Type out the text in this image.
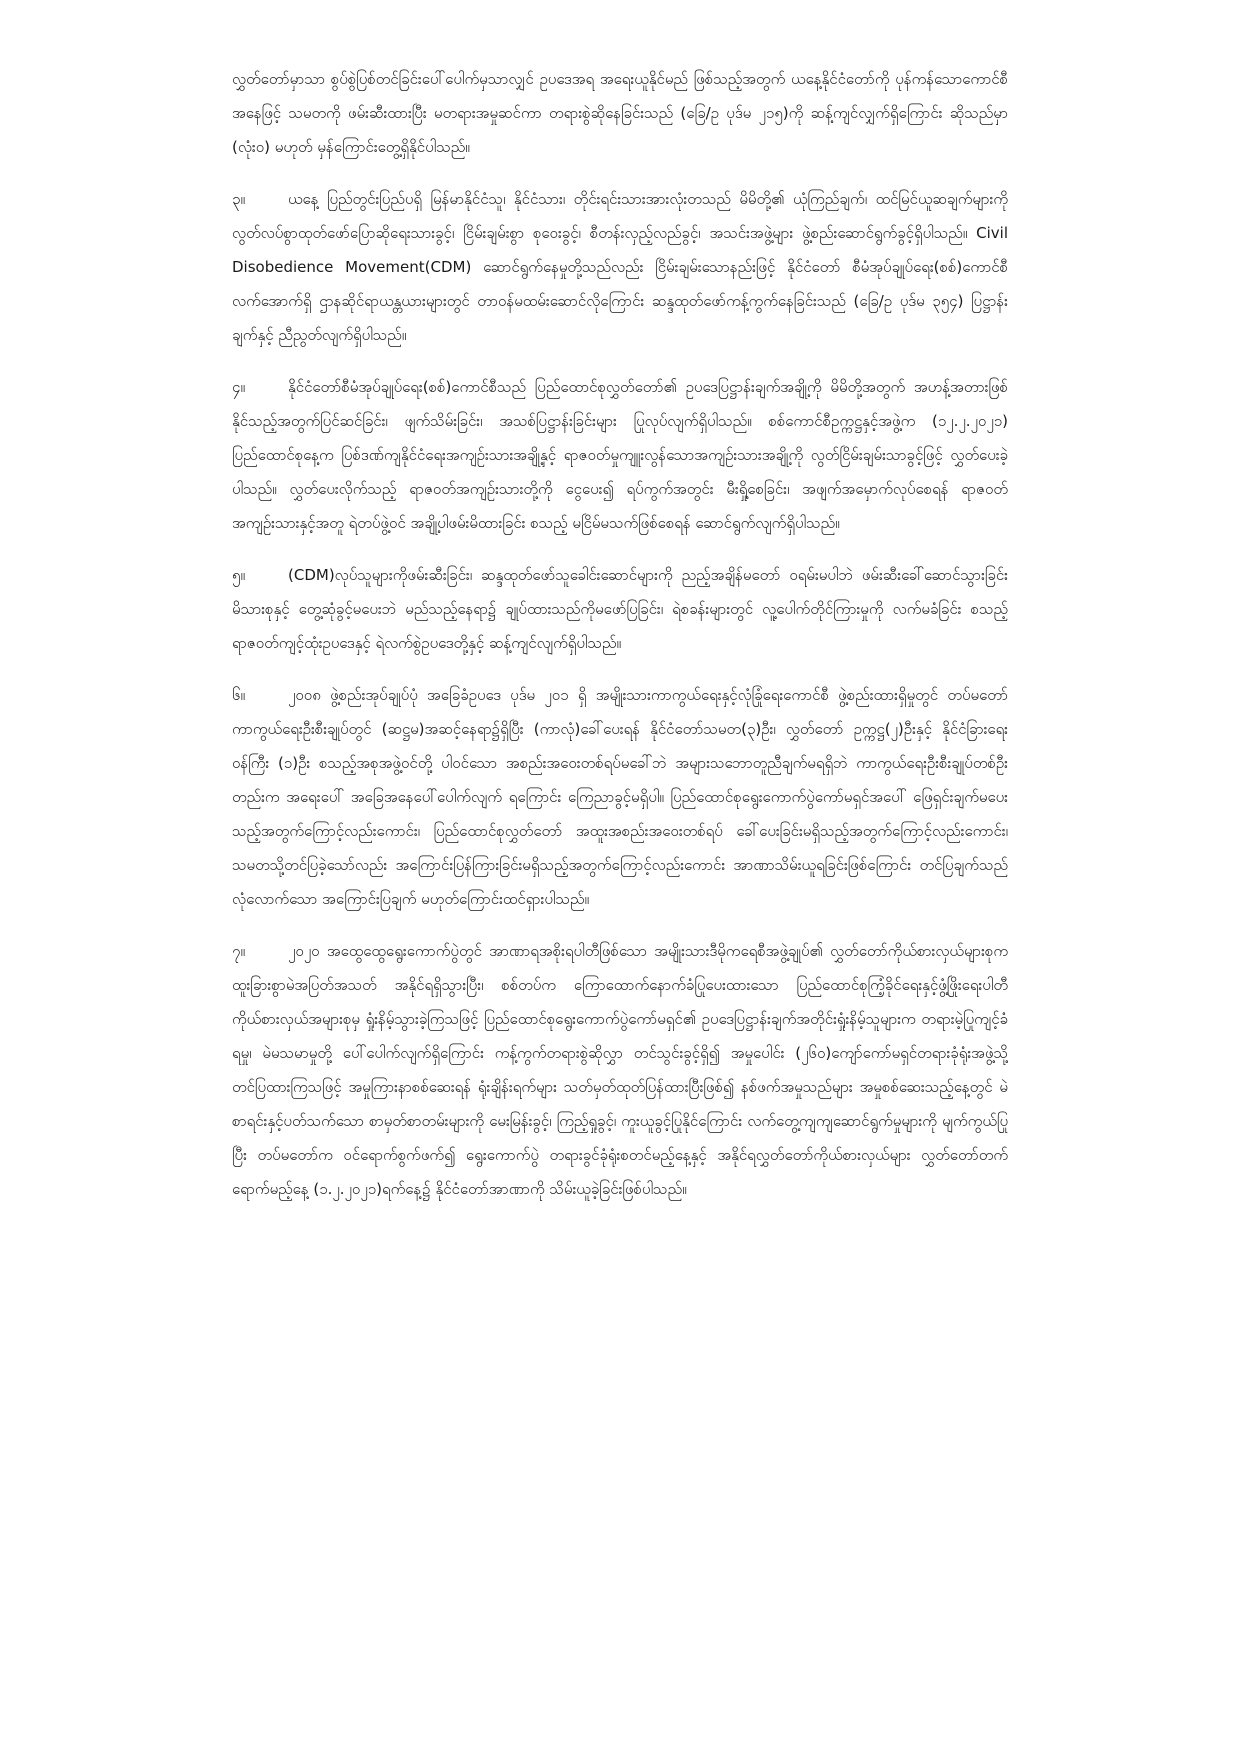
လွှတ်တော်မှာသာ စွပ်စွဲပြစ်တင်ခြင်းပေါ်ပေါက်မှသာလျှင် ဥပဒေအရ အရေးယူနိုင်မည် ဖြစ်သည့်အတွက် ယနေ့နိုင်ငံတော်ကို ပုန်ကန်သောကောင်စီအနေဖြင့် သမတကို ဖမ်းဆီးထားပြီး မတရားအမှုဆင်ကာ တရားစွဲဆိုနေခြင်းသည် (ခြေ/ဥ ပုဒ်မ ၂၁၅)ကို ဆန့်ကျင်လျှက်ရှိကြောင်း ဆိုသည်မှာ (လုံး၀) မဟုတ် မှန်ကြောင်းတွေ့ရှိနိုင်ပါသည်။

၃။	ယနေ့ ပြည်တွင်းပြည်ပရှိ မြန်မာနိုင်ငံသူ၊ နိုင်ငံသား၊ တိုင်းရင်းသားအားလုံးတသည် မိမိတို့၏ ယုံကြည်ချက်၊ ထင်မြင်ယူဆချက်များကို လွတ်လပ်စွာထုတ်ဖော်ပြောဆိုရေးသားခွင့်၊ ငြိမ်းချမ်းစွာ စုဝေးခွင့်၊ စီတန်းလှည့်လည်ခွင့်၊ အသင်းအဖွဲ့များ ဖွဲ့စည်းဆောင်ရွက်ခွင့်ရှိပါသည်။ Civil Disobedience Movement(CDM) ဆောင်ရွက်နေမှုတို့သည်လည်း ငြိမ်းချမ်းသောနည်းဖြင့် နိုင်ငံတော် စီမံအုပ်ချုပ်ရေး(စစ်)ကောင်စီ လက်အောက်ရှိ ဌာနဆိုင်ရာယန္တယားများတွင် တာဝန်မထမ်းဆောင်လိုကြောင်း ဆန္ဒထုတ်ဖော်ကန့်ကွက်နေခြင်းသည် (ခြေ/ဥ ပုဒ်မ ၃၅၄) ပြဋ္ဌာန်းချက်နှင့် ညီညွတ်လျက်ရှိပါသည်။

၄။	နိုင်ငံတော်စီမံအုပ်ချုပ်ရေး(စစ်)ကောင်စီသည် ပြည်ထောင်စုလွှတ်တော်၏ ဥပဒေပြဋ္ဌာန်းချက်အချို့ကို မိမိတို့အတွက် အဟန့်အတားဖြစ်နိုင်သည့်အတွက်ပြင်ဆင်ခြင်း၊ ဖျက်သိမ်းခြင်း၊ အသစ်ပြဋ္ဌာန်းခြင်းများ ပြုလုပ်လျက်ရှိပါသည်။ စစ်ကောင်စီဥက္ကဋ္ဌနှင့်အဖွဲ့က (၁၂.၂.၂၀၂၁) ပြည်ထောင်စုနေ့က ပြစ်ဒဏ်ကျနိုင်ငံရေးအကျဉ်းသားအချို့နှင့် ရာဇဝတ်မှုကျူးလွန်သောအကျဉ်းသားအချို့ကို လွတ်ငြိမ်းချမ်းသာခွင့်ဖြင့် လွှတ်ပေးခဲ့ပါသည်။ လွှတ်ပေးလိုက်သည့် ရာဇဝတ်အကျဉ်းသားတို့ကို ငွေပေး၍ ရပ်ကွက်အတွင်း မီးရှို့စေခြင်း၊ အဖျက်အမှောက်လုပ်စေရန် ရာဇဝတ်အကျဉ်းသားနှင့်အတူ ရဲတပ်ဖွဲ့ဝင် အချို့ပါဖမ်းမိထားခြင်း စသည့် မငြိမ်မသက်ဖြစ်စေရန် ဆောင်ရွက်လျက်ရှိပါသည်။

၅။	(CDM)လုပ်သူများကိုဖမ်းဆီးခြင်း၊ ဆန္ဒထုတ်ဖော်သူခေါင်းဆောင်များကို ညည့်အချိန်မတော် ဝရမ်းမပါဘဲ ဖမ်းဆီးခေါ်ဆောင်သွားခြင်းမိသားစုနှင့် တွေ့ဆုံခွင့်မပေးဘဲ မည်သည့်နေရာ၌ ချုပ်ထားသည်ကိုမဖော်ပြခြင်း၊ ရဲစခန်းများတွင် လူ့ပေါက်တိုင်ကြားမှုကို လက်မခံခြင်း စသည့် ရာဇဝတ်ကျင့်ထုံးဥပဒေနှင့် ရဲလက်စွဲဥပဒေတို့နှင့် ဆန့်ကျင်လျက်ရှိပါသည်။

၆။	၂၀၀၈ ဖွဲ့စည်းအုပ်ချုပ်ပုံ အခြေခံဥပဒေ ပုဒ်မ ၂၀၁ ရှိ အမျိုးသားကာကွယ်ရေးနှင့်လုံခြုံရေးကောင်စီ ဖွဲ့စည်းထားရှိမှုတွင် တပ်မတော်ကာကွယ်ရေးဦးစီးချုပ်တွင် (ဆဋ္ဌမ)အဆင့်နေရာ၌ရှိပြီး (ကာလုံ)ခေါ်ပေးရန် နိုင်ငံတော်သမတ(၃)ဦး၊ လွှတ်တော် ဥက္ကဋ္ဌ(၂)ဦးနှင့် နိုင်ငံခြားရေးဝန်ကြီး (၁)ဦး စသည့်အစုအဖွဲ့ဝင်တို့ ပါဝင်သော အစည်းအဝေးတစ်ရပ်မခေါ်ဘဲ အများသဘောတူညီချက်မရရှိဘဲ ကာကွယ်ရေးဦးစီးချုပ်တစ်ဦးတည်းက အရေးပေါ် အခြေအနေပေါ်ပေါက်လျက် ရကြောင်း ကြေညာခွင့်မရှိပါ။ ပြည်ထောင်စုရွေးကောက်ပွဲကော်မရှင်အပေါ် ဖြေရှင်းချက်မပေးသည့်အတွက်ကြောင့်လည်းကောင်း၊ ပြည်ထောင်စုလွှတ်တော် အထူးအစည်းအဝေးတစ်ရပ် ခေါ်ပေးခြင်းမရှိသည့်အတွက်ကြောင့်လည်းကောင်း၊ သမတသို့တင်ပြခဲ့သော်လည်း အကြောင်းပြန်ကြားခြင်းမရှိသည့်အတွက်ကြောင့်လည်းကောင်း အာဏာသိမ်းယူရခြင်းဖြစ်ကြောင်း တင်ပြချက်သည် လုံလောက်သော အကြောင်းပြချက် မဟုတ်ကြောင်းထင်ရှားပါသည်။

၇။	၂၀၂၀ အထွေထွေရွေးကောက်ပွဲတွင် အာဏာရအစိုးရပါတီဖြစ်သော အမျိုးသားဒီမိုကရေစီအဖွဲ့ချုပ်၏ လွှတ်တော်ကိုယ်စားလှယ်များစုက ထူးခြားစွာမဲအပြတ်အသတ် အနိုင်ရရှိသွားပြီး၊ စစ်တပ်က ကြောထောက်နောက်ခံပြုပေးထားသော ပြည်ထောင်စုကြံ့ခိုင်ရေးနှင့်ဖွံ့ဖြိုးရေးပါတီ ကိုယ်စားလှယ်အများစုမှ ရှုံးနိမ့်သွားခဲ့ကြသဖြင့် ပြည်ထောင်စုရွေးကောက်ပွဲကော်မရှင်၏ ဥပဒေပြဋ္ဌာန်းချက်အတိုင်းရှုံးနိမ့်သူများက တရားမဲ့ပြုကျင့်ခံရမှု၊ မဲမသမာမှုတို့ ပေါ်ပေါက်လျက်ရှိကြောင်း ကန့်ကွက်တရားစွဲဆိုလွှာ တင်သွင်းခွင့်ရှိ၍ အမှုပေါင်း (၂၆၀)ကျော်ကော်မရှင်တရားခုံရုံးအဖွဲ့သို့ တင်ပြထားကြသဖြင့် အမှုကြားနာစစ်ဆေးရန် ရုံးချိန်းရက်များ သတ်မှတ်ထုတ်ပြန်ထားပြီးဖြစ်၍ နစ်ဖက်အမှုသည်များ အမှုစစ်ဆေးသည့်နေ့တွင် မဲစာရင်းနှင့်ပတ်သက်သော စာမှတ်စာတမ်းများကို မေးမြန်းခွင့်၊ ကြည့်ရှုခွင့်၊ ကူးယူခွင့်ပြုနိုင်ကြောင်း လက်တွေ့ကျကျဆောင်ရွက်မှုများကို မျက်ကွယ်ပြုပြီး တပ်မတော်က ဝင်ရောက်စွက်ဖက်၍ ရွေးကောက်ပွဲ တရားခွင်ခုံရုံးစတင်မည့်နေ့နှင့် အနိုင်ရလွှတ်တော်ကိုယ်စားလှယ်များ လွှတ်တော်တက်ရောက်မည့်နေ့ (၁.၂.၂၀၂၁)ရက်နေ့၌ နိုင်ငံတော်အာဏာကို သိမ်းယူခဲ့ခြင်းဖြစ်ပါသည်။
